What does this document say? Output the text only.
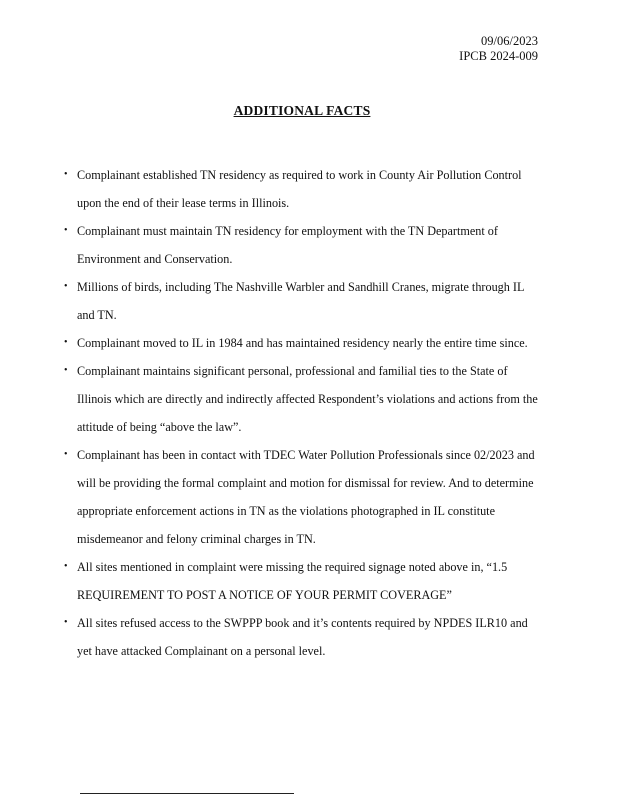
09/06/2023
IPCB 2024-009
ADDITIONAL FACTS
• Complainant established TN residency as required to work in County Air Pollution Control upon the end of their lease terms in Illinois.
• Complainant must maintain TN residency for employment with the TN Department of Environment and Conservation.
• Millions of birds, including The Nashville Warbler and Sandhill Cranes, migrate through IL and TN.
• Complainant moved to IL in 1984 and has maintained residency nearly the entire time since.
• Complainant maintains significant personal, professional and familial ties to the State of Illinois which are directly and indirectly affected Respondent’s violations and actions from the attitude of being “above the law”.
• Complainant has been in contact with TDEC Water Pollution Professionals since 02/2023 and will be providing the formal complaint and motion for dismissal for review. And to determine appropriate enforcement actions in TN as the violations photographed in IL constitute misdemeanor and felony criminal charges in TN.
• All sites mentioned in complaint were missing the required signage noted above in, “1.5 REQUIREMENT TO POST A NOTICE OF YOUR PERMIT COVERAGE”
• All sites refused access to the SWPPP book and it’s contents required by NPDES ILR10 and yet have attacked Complainant on a personal level.
